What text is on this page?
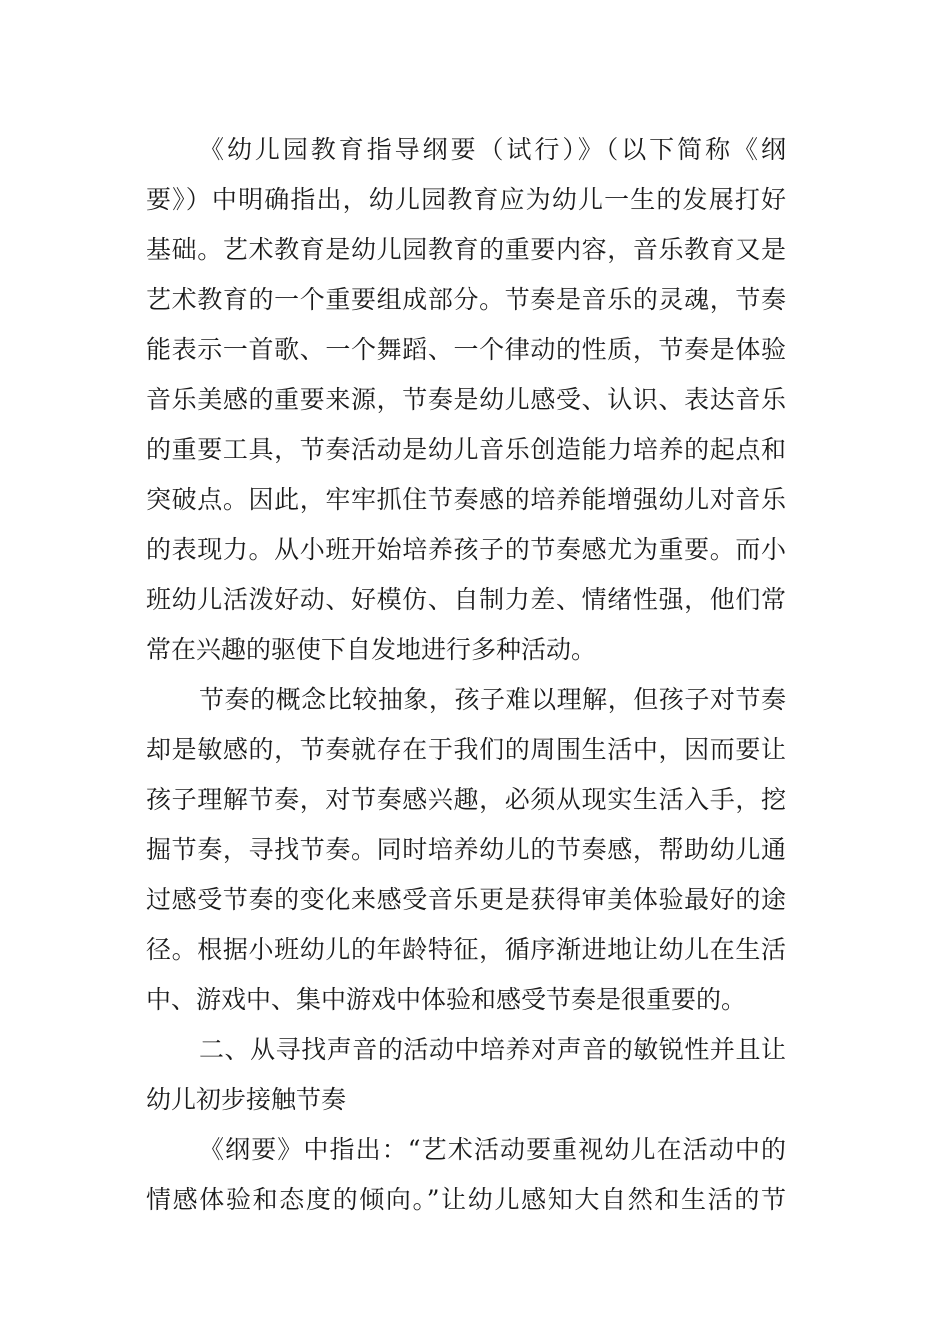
《幼儿园教育指导纲要（试行）》（以下简称《纲
要》）中明确指出，幼儿园教育应为幼儿一生的发展打好
基础。艺术教育是幼儿园教育的重要内容，音乐教育又是
艺术教育的一个重要组成部分。节奏是音乐的灵魂，节奏
能表示一首歌、一个舞蹈、一个律动的性质，节奏是体验
音乐美感的重要来源，节奏是幼儿感受、认识、表达音乐
的重要工具，节奏活动是幼儿音乐创造能力培养的起点和
突破点。因此，牢牢抓住节奏感的培养能增强幼儿对音乐
的表现力。从小班开始培养孩子的节奏感尤为重要。而小
班幼儿活泼好动、好模仿、自制力差、情绪性强，他们常
常在兴趣的驱使下自发地进行多种活动。
节奏的概念比较抽象，孩子难以理解，但孩子对节奏
却是敏感的，节奏就存在于我们的周围生活中，因而要让
孩子理解节奏，对节奏感兴趣，必须从现实生活入手，挖
掘节奏，寻找节奏。同时培养幼儿的节奏感，帮助幼儿通
过感受节奏的变化来感受音乐更是获得审美体验最好的途
径。根据小班幼儿的年龄特征，循序渐进地让幼儿在生活
中、游戏中、集中游戏中体验和感受节奏是很重要的。
二、从寻找声音的活动中培养对声音的敏锐性并且让
幼儿初步接触节奏
《纲要》中指出：“艺术活动要重视幼儿在活动中的
情感体验和态度的倾向。”让幼儿感知大自然和生活的节
